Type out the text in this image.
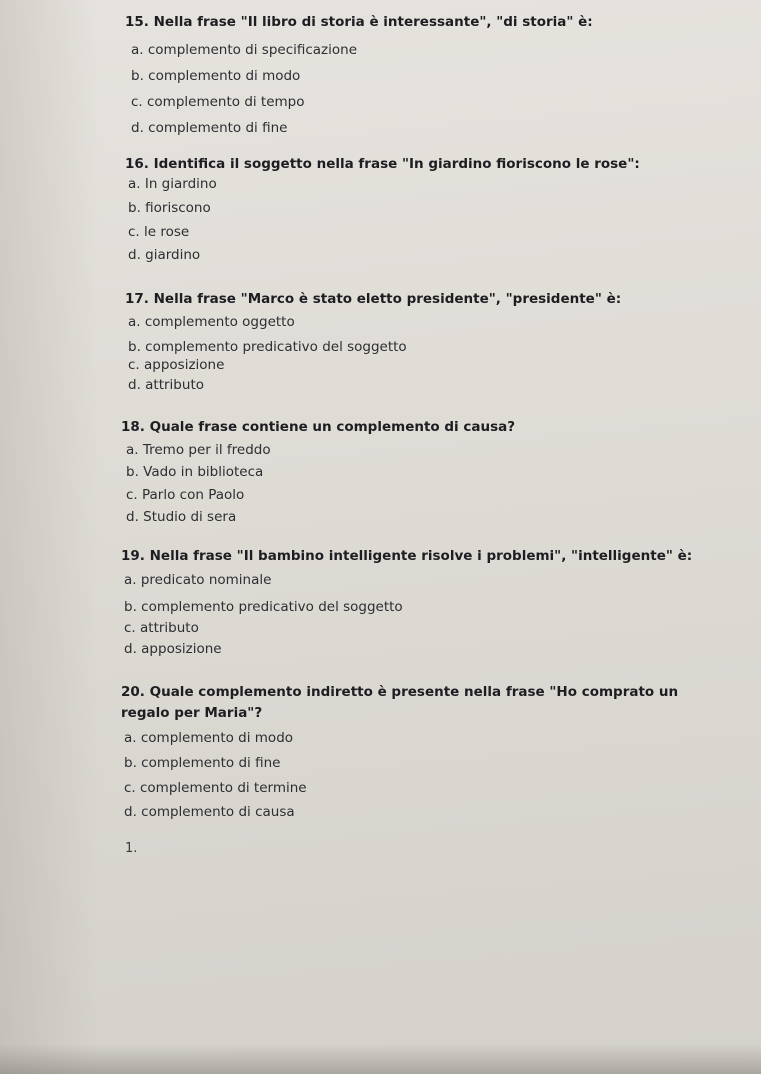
15. Nella frase "Il libro di storia è interessante", "di storia" è:
a. complemento di specificazione
b. complemento di modo
c. complemento di tempo
d. complemento di fine
16. Identifica il soggetto nella frase "In giardino fioriscono le rose":
a. In giardino
b. fioriscono
c. le rose
d. giardino
17. Nella frase "Marco è stato eletto presidente", "presidente" è:
a. complemento oggetto
b. complemento predicativo del soggetto
c. apposizione
d. attributo
18. Quale frase contiene un complemento di causa?
a. Tremo per il freddo
b. Vado in biblioteca
c. Parlo con Paolo
d. Studio di sera
19. Nella frase "Il bambino intelligente risolve i problemi", "intelligente" è:
a. predicato nominale
b. complemento predicativo del soggetto
c. attributo
d. apposizione
20. Quale complemento indiretto è presente nella frase "Ho comprato un regalo per Maria"?
a. complemento di modo
b. complemento di fine
c. complemento di termine
d. complemento di causa
1.
